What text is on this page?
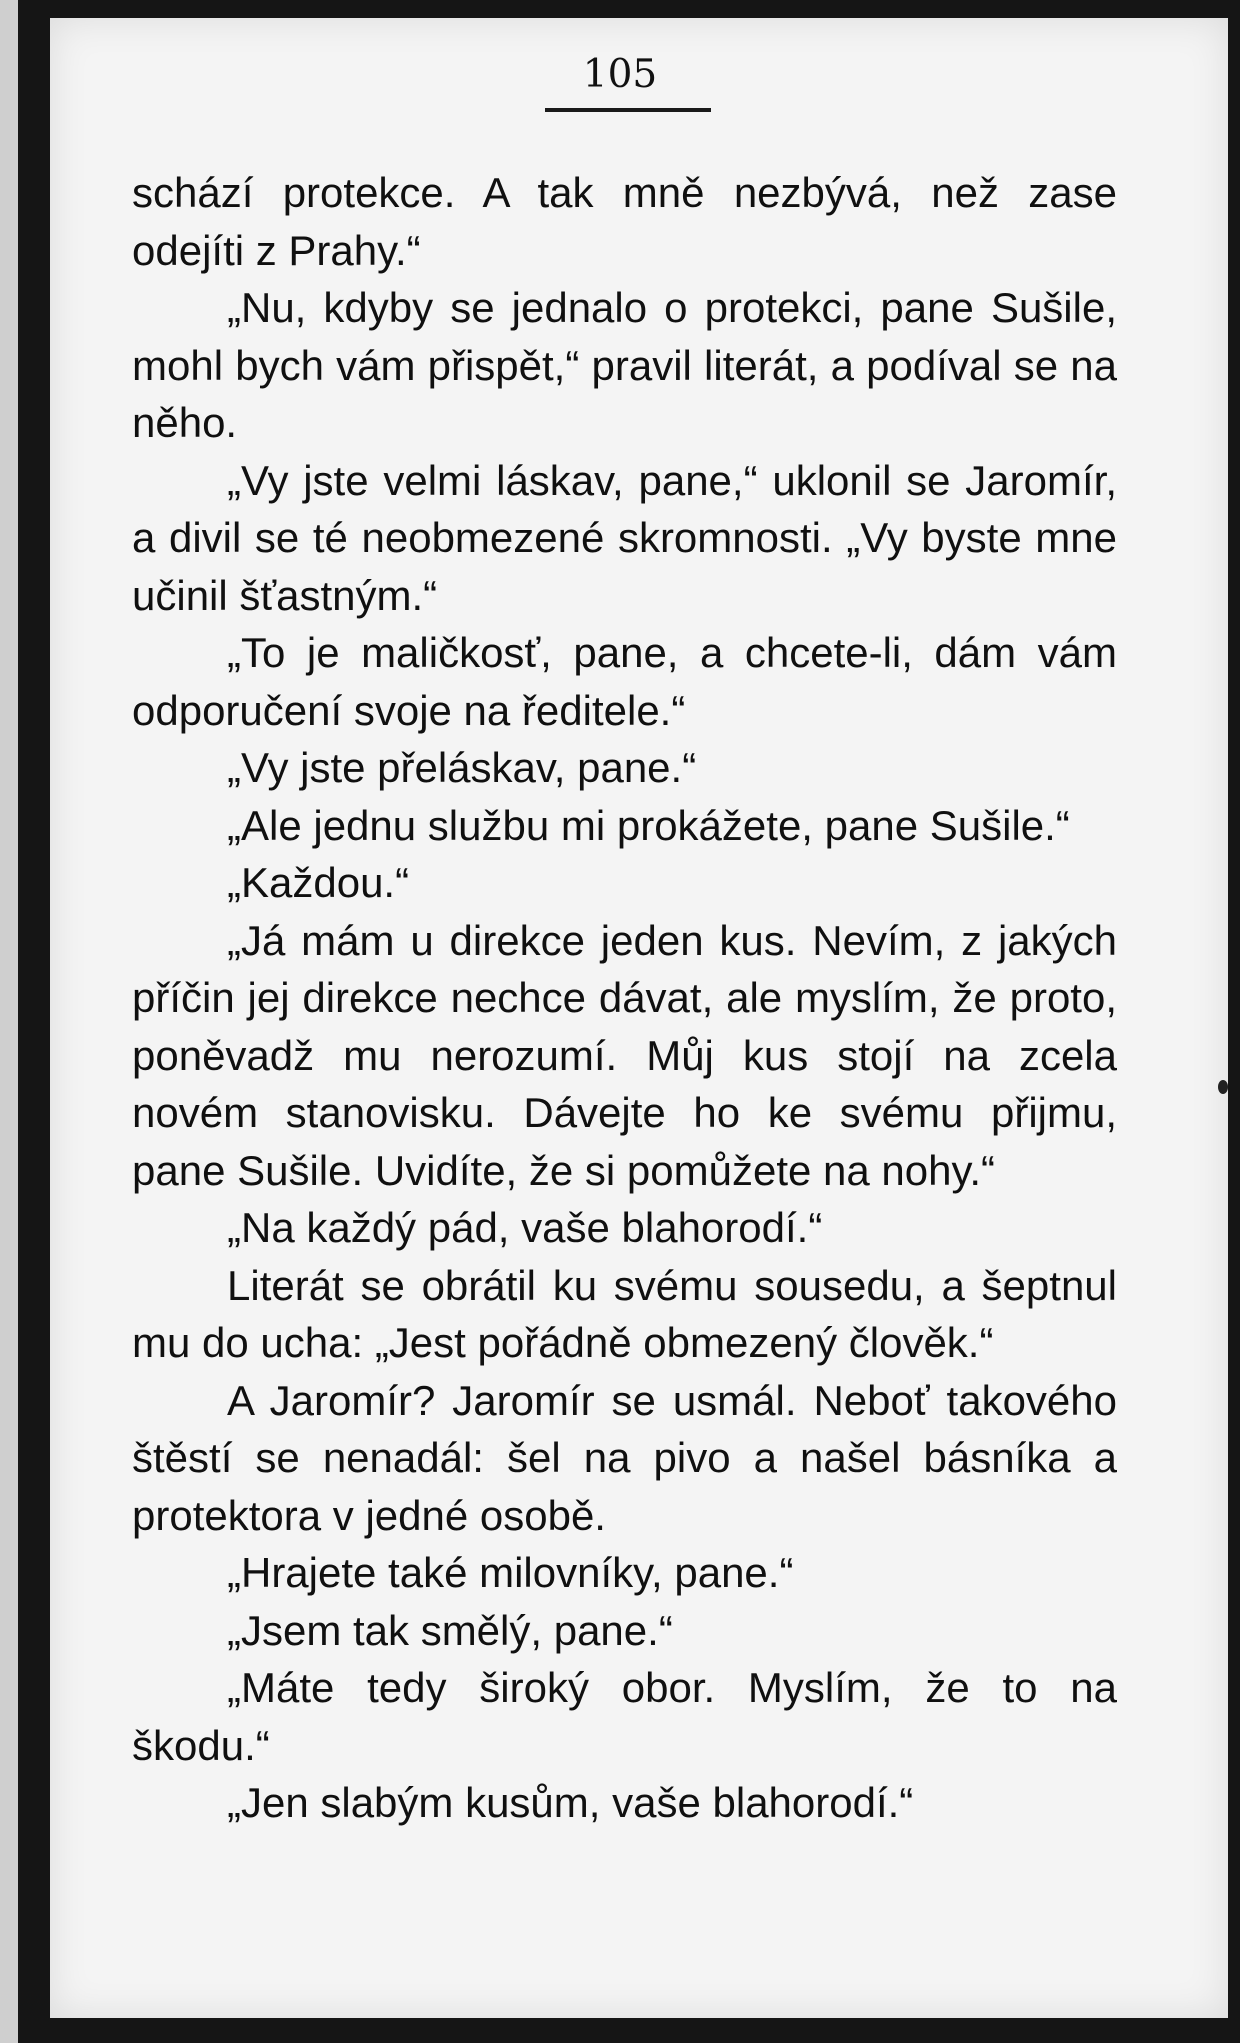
105

schází protekce. A tak mně nezbývá, než zase odejíti z Prahy.“

„Nu, kdyby se jednalo o protekci, pane Sušile, mohl bych vám přispět,“ pravil literát, a podíval se na něho.

„Vy jste velmi láskav, pane,“ uklonil se Jaromír, a divil se té neobmezené skromnosti. „Vy byste mne učinil šťastným.“

„To je maličkosť, pane, a chcete-li, dám vám odporučení svoje na ředitele.“

„Vy jste přeláskav, pane.“

„Ale jednu službu mi prokážete, pane Sušile.“

„Každou.“

„Já mám u direkce jeden kus. Nevím, z jakých příčin jej direkce nechce dávat, ale myslím, že proto, poněvadž mu nerozumí. Můj kus stojí na zcela novém stanovisku. Dávejte ho ke svému přijmu, pane Sušile. Uvidíte, že si pomůžete na nohy.“

„Na každý pád, vaše blahorodí.“

Literát se obrátil ku svému sousedu, a šeptnul mu do ucha: „Jest pořádně obmezený člověk.“

A Jaromír? Jaromír se usmál. Neboť takového štěstí se nenadál: šel na pivo a našel básníka a protektora v jedné osobě.

„Hrajete také milovníky, pane.“

„Jsem tak smělý, pane.“

„Máte tedy široký obor. Myslím, že to na škodu.“

„Jen slabým kusům, vaše blahorodí.“
